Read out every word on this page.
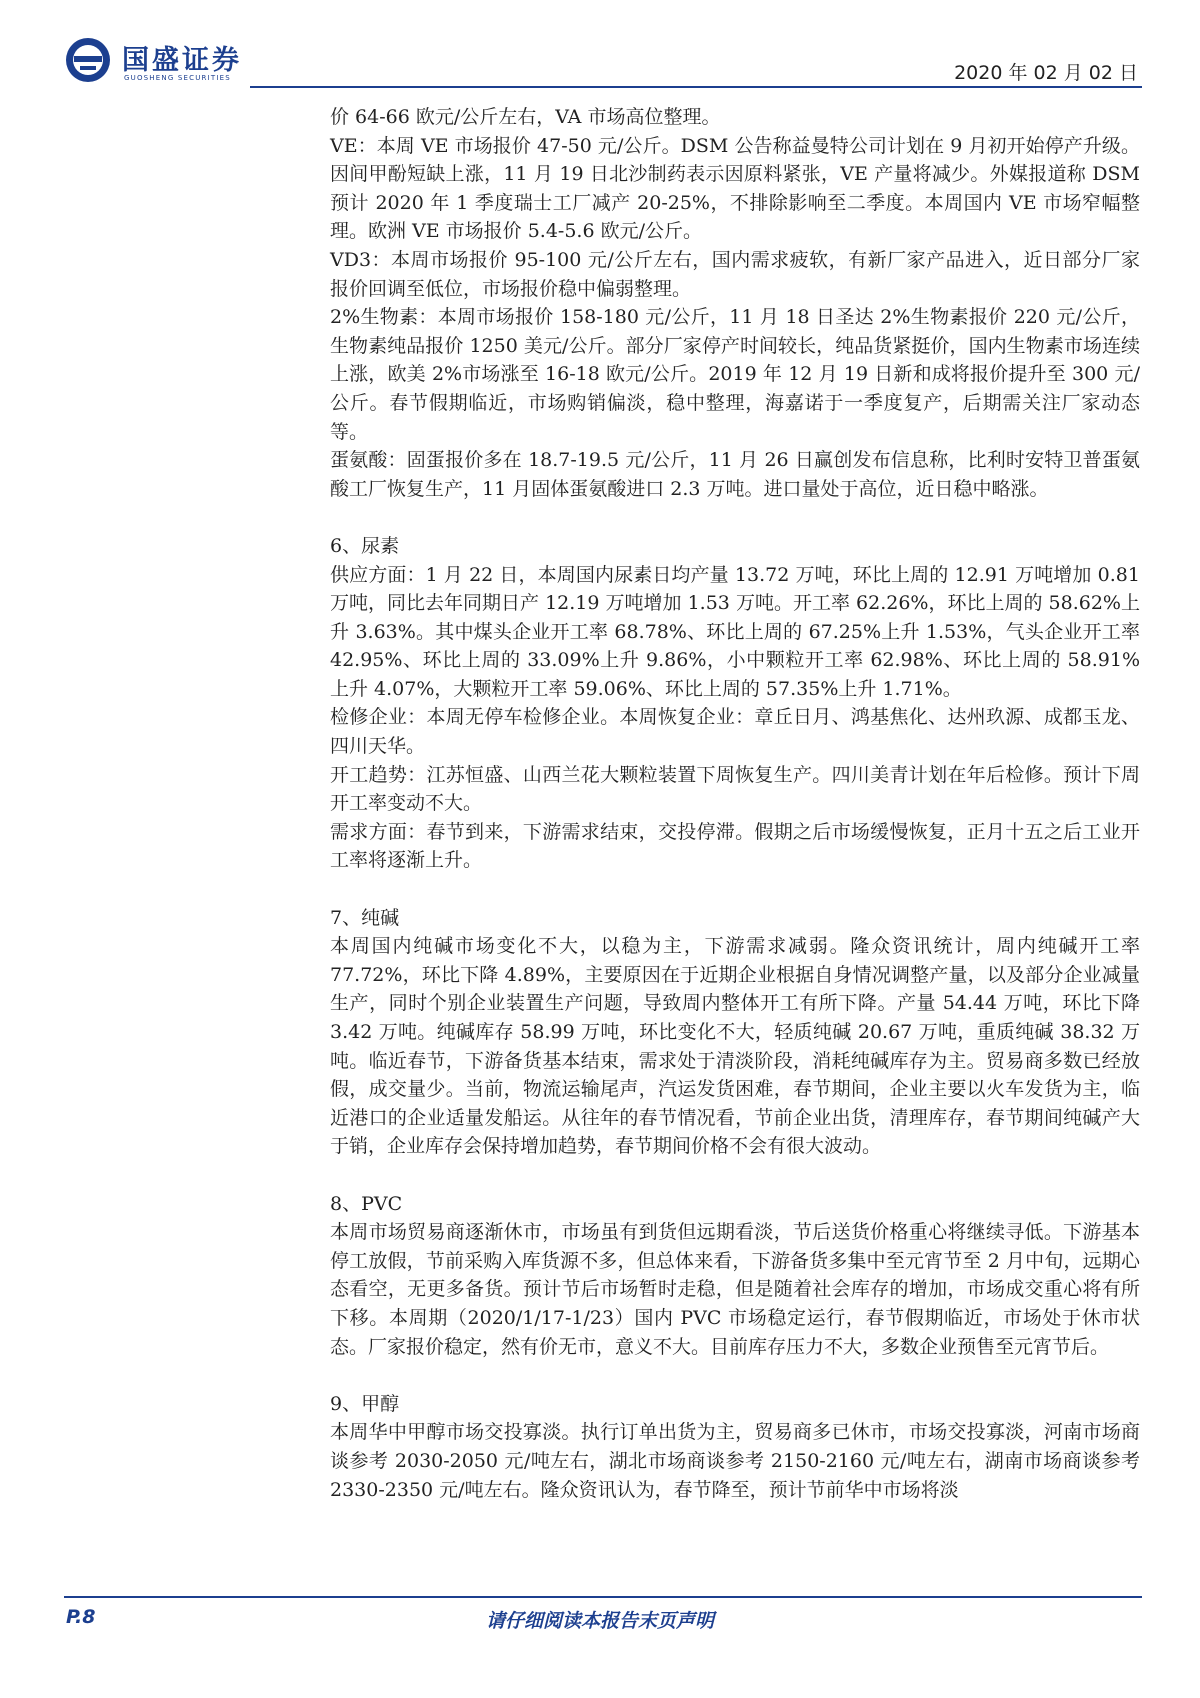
国盛证券
GUOSHENG SECURITIES	2020 年 02 月 02 日

价 64-66 欧元/公斤左右，VA 市场高位整理。

VE：本周 VE 市场报价 47-50 元/公斤。DSM 公告称益曼特公司计划在 9 月初开始停产升级。因间甲酚短缺上涨，11 月 19 日北沙制药表示因原料紧张，VE 产量将减少。外媒报道称 DSM 预计 2020 年 1 季度瑞士工厂减产 20-25%，不排除影响至二季度。本周国内 VE 市场窄幅整理。欧洲 VE 市场报价 5.4-5.6 欧元/公斤。

VD3：本周市场报价 95-100 元/公斤左右，国内需求疲软，有新厂家产品进入，近日部分厂家报价回调至低位，市场报价稳中偏弱整理。

2%生物素：本周市场报价 158-180 元/公斤，11 月 18 日圣达 2%生物素报价 220 元/公斤，生物素纯品报价 1250 美元/公斤。部分厂家停产时间较长，纯品货紧挺价，国内生物素市场连续上涨，欧美 2%市场涨至 16-18 欧元/公斤。2019 年 12 月 19 日新和成将报价提升至 300 元/公斤。春节假期临近，市场购销偏淡，稳中整理，海嘉诺于一季度复产，后期需关注厂家动态等。

蛋氨酸：固蛋报价多在 18.7-19.5 元/公斤，11 月 26 日赢创发布信息称，比利时安特卫普蛋氨酸工厂恢复生产，11 月固体蛋氨酸进口 2.3 万吨。进口量处于高位，近日稳中略涨。

6、尿素

供应方面：1 月 22 日，本周国内尿素日均产量 13.72 万吨，环比上周的 12.91 万吨增加 0.81 万吨，同比去年同期日产 12.19 万吨增加 1.53 万吨。开工率 62.26%，环比上周的 58.62%上升 3.63%。其中煤头企业开工率 68.78%、环比上周的 67.25%上升 1.53%，气头企业开工率 42.95%、环比上周的 33.09%上升 9.86%，小中颗粒开工率 62.98%、环比上周的 58.91%上升 4.07%，大颗粒开工率 59.06%、环比上周的 57.35%上升 1.71%。

检修企业：本周无停车检修企业。本周恢复企业：章丘日月、鸿基焦化、达州玖源、成都玉龙、四川天华。

开工趋势：江苏恒盛、山西兰花大颗粒装置下周恢复生产。四川美青计划在年后检修。预计下周开工率变动不大。

需求方面：春节到来，下游需求结束，交投停滞。假期之后市场缓慢恢复，正月十五之后工业开工率将逐渐上升。

7、纯碱

本周国内纯碱市场变化不大，以稳为主，下游需求减弱。隆众资讯统计，周内纯碱开工率 77.72%，环比下降 4.89%，主要原因在于近期企业根据自身情况调整产量，以及部分企业减量生产，同时个别企业装置生产问题，导致周内整体开工有所下降。产量 54.44 万吨，环比下降 3.42 万吨。纯碱库存 58.99 万吨，环比变化不大，轻质纯碱 20.67 万吨，重质纯碱 38.32 万吨。临近春节，下游备货基本结束，需求处于清淡阶段，消耗纯碱库存为主。贸易商多数已经放假，成交量少。当前，物流运输尾声，汽运发货困难，春节期间，企业主要以火车发货为主，临近港口的企业适量发船运。从往年的春节情况看，节前企业出货，清理库存，春节期间纯碱产大于销，企业库存会保持增加趋势，春节期间价格不会有很大波动。

8、PVC

本周市场贸易商逐渐休市，市场虽有到货但远期看淡，节后送货价格重心将继续寻低。下游基本停工放假，节前采购入库货源不多，但总体来看，下游备货多集中至元宵节至 2 月中旬，远期心态看空，无更多备货。预计节后市场暂时走稳，但是随着社会库存的增加，市场成交重心将有所下移。本周期（2020/1/17-1/23）国内 PVC 市场稳定运行，春节假期临近，市场处于休市状态。厂家报价稳定，然有价无市，意义不大。目前库存压力不大，多数企业预售至元宵节后。

9、甲醇

本周华中甲醇市场交投寡淡。执行订单出货为主，贸易商多已休市，市场交投寡淡，河南市场商谈参考 2030-2050 元/吨左右，湖北市场商谈参考 2150-2160 元/吨左右，湖南市场商谈参考 2330-2350 元/吨左右。隆众资讯认为，春节降至，预计节前华中市场将淡

P.8	请仔细阅读本报告末页声明
